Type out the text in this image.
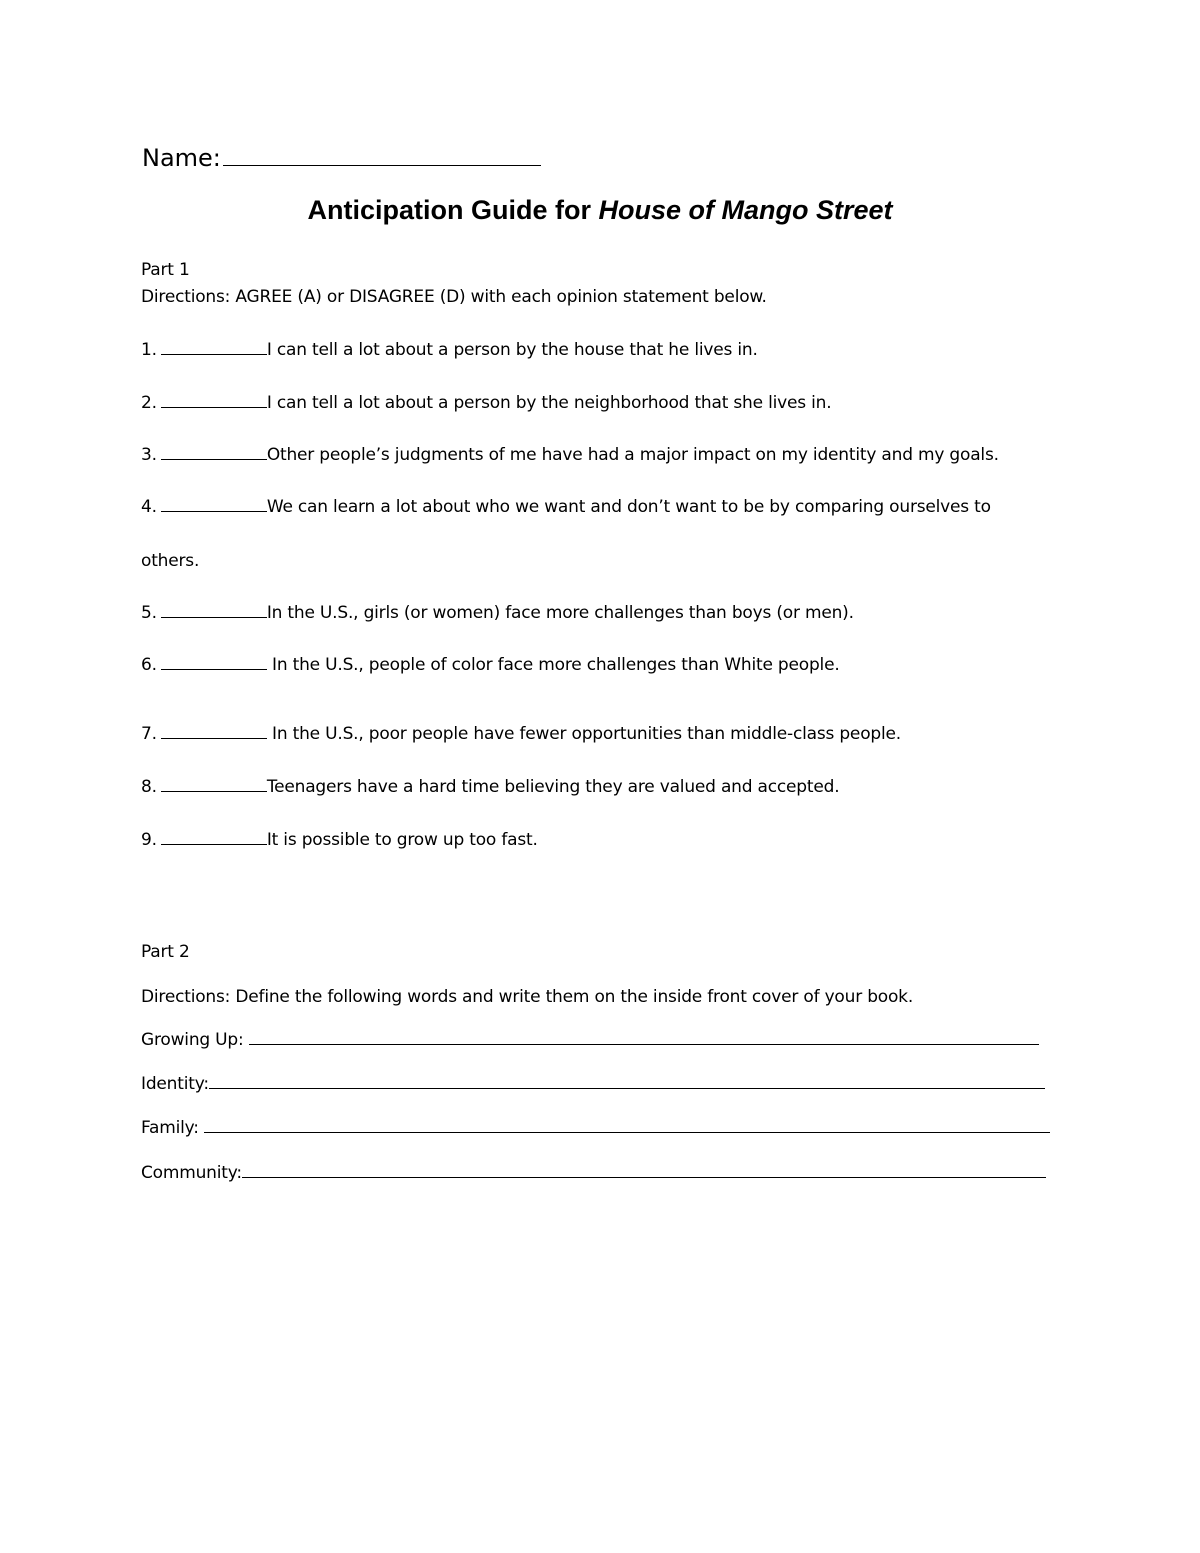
Name:
Anticipation Guide for House of Mango Street
Part 1
Directions: AGREE (A) or DISAGREE (D) with each opinion statement below.
1.	I can tell a lot about a person by the house that he lives in.
2.	I can tell a lot about a person by the neighborhood that she lives in.
3.	Other people’s judgments of me have had a major impact on my identity and my goals.
4.	We can learn a lot about who we want and don’t want to be by comparing ourselves to
others.
5.	In the U.S., girls (or women) face more challenges than boys (or men).
6.	In the U.S., people of color face more challenges than White people.
7.	In the U.S., poor people have fewer opportunities than middle-class people.
8.	Teenagers have a hard time believing they are valued and accepted.
9.	It is possible to grow up too fast.
Part 2
Directions: Define the following words and write them on the inside front cover of your book.
Growing Up:
Identity:
Family:
Community:
